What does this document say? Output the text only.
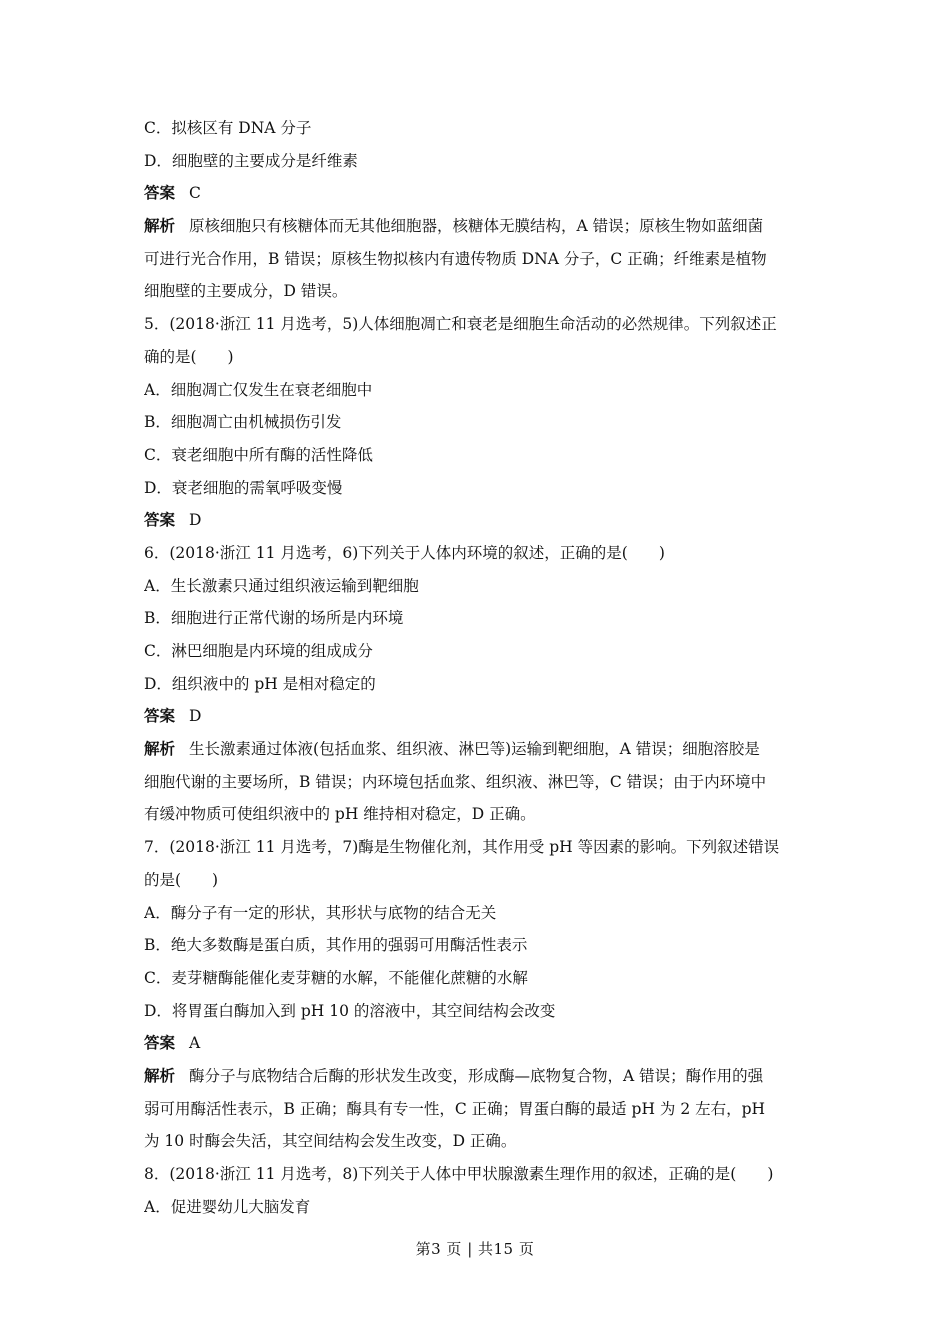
C．拟核区有 DNA 分子
D．细胞壁的主要成分是纤维素
答案 C
解析 原核细胞只有核糖体而无其他细胞器，核糖体无膜结构，A 错误；原核生物如蓝细菌
可进行光合作用，B 错误；原核生物拟核内有遗传物质 DNA 分子，C 正确；纤维素是植物
细胞壁的主要成分，D 错误。
5．(2018·浙江 11 月选考，5)人体细胞凋亡和衰老是细胞生命活动的必然规律。下列叙述正
确的是(　　)
A．细胞凋亡仅发生在衰老细胞中
B．细胞凋亡由机械损伤引发
C．衰老细胞中所有酶的活性降低
D．衰老细胞的需氧呼吸变慢
答案 D
6．(2018·浙江 11 月选考，6)下列关于人体内环境的叙述，正确的是(　　)
A．生长激素只通过组织液运输到靶细胞
B．细胞进行正常代谢的场所是内环境
C．淋巴细胞是内环境的组成成分
D．组织液中的 pH 是相对稳定的
答案 D
解析 生长激素通过体液(包括血浆、组织液、淋巴等)运输到靶细胞，A 错误；细胞溶胶是
细胞代谢的主要场所，B 错误；内环境包括血浆、组织液、淋巴等，C 错误；由于内环境中
有缓冲物质可使组织液中的 pH 维持相对稳定，D 正确。
7．(2018·浙江 11 月选考，7)酶是生物催化剂，其作用受 pH 等因素的影响。下列叙述错误
的是(　　)
A．酶分子有一定的形状，其形状与底物的结合无关
B．绝大多数酶是蛋白质，其作用的强弱可用酶活性表示
C．麦芽糖酶能催化麦芽糖的水解，不能催化蔗糖的水解
D．将胃蛋白酶加入到 pH 10 的溶液中，其空间结构会改变
答案 A
解析 酶分子与底物结合后酶的形状发生改变，形成酶—底物复合物，A 错误；酶作用的强
弱可用酶活性表示，B 正确；酶具有专一性，C 正确；胃蛋白酶的最适 pH 为 2 左右，pH
为 10 时酶会失活，其空间结构会发生改变，D 正确。
8．(2018·浙江 11 月选考，8)下列关于人体中甲状腺激素生理作用的叙述，正确的是(　　)
A．促进婴幼儿大脑发育
第3 页 | 共15 页
